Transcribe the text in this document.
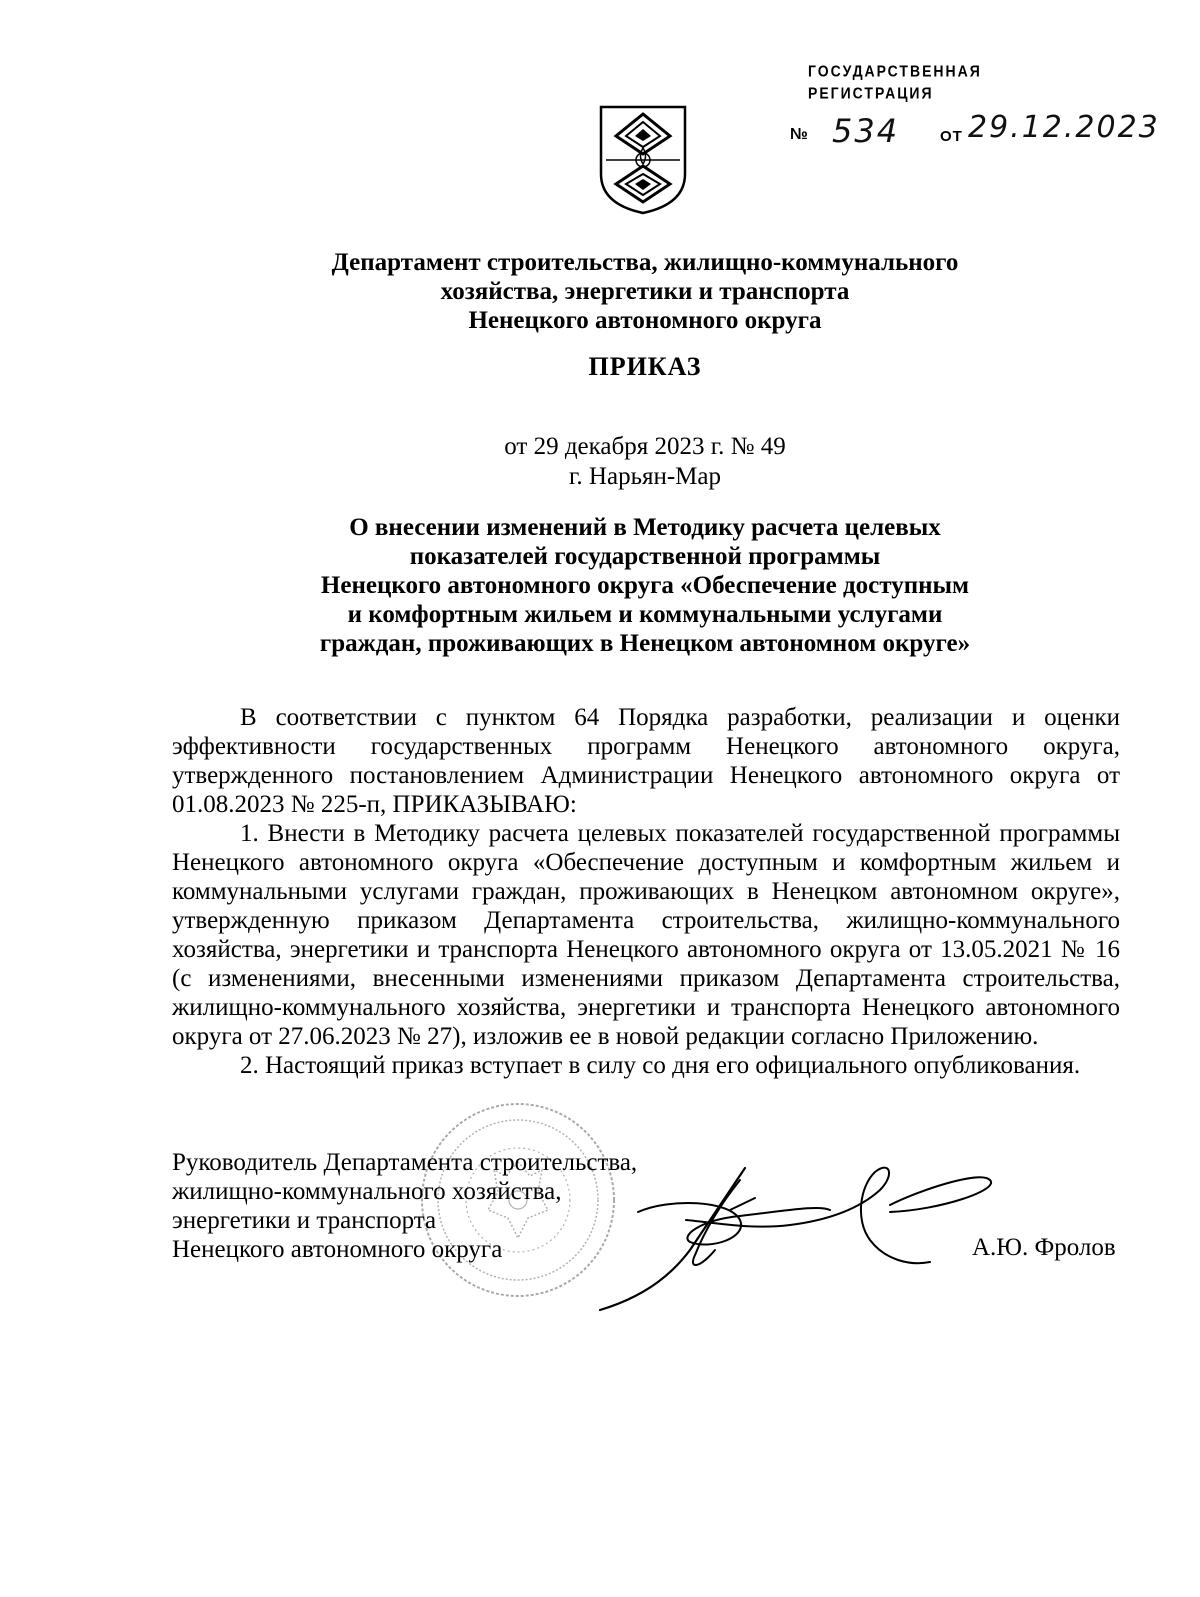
ГОСУДАРСТВЕННАЯ
РЕГИСТРАЦИЯ
№ 534	ОТ 29.12.2023
Департамент строительства, жилищно-коммунального
хозяйства, энергетики и транспорта
Ненецкого автономного округа
ПРИКАЗ
от 29 декабря 2023 г. № 49
г. Нарьян-Мар
О внесении изменений в Методику расчета целевых
показателей государственной программы
Ненецкого автономного округа «Обеспечение доступным
и комфортным жильем и коммунальными услугами
граждан, проживающих в Ненецком автономном округе»

В соответствии с пунктом 64 Порядка разработки, реализации и оценки эффективности государственных программ Ненецкого автономного округа, утвержденного постановлением Администрации Ненецкого автономного округа от 01.08.2023 № 225-п, ПРИКАЗЫВАЮ:

1. Внести в Методику расчета целевых показателей государственной программы Ненецкого автономного округа «Обеспечение доступным и комфортным жильем и коммунальными услугами граждан, проживающих в Ненецком автономном округе», утвержденную приказом Департамента строительства, жилищно-коммунального хозяйства, энергетики и транспорта Ненецкого автономного округа от 13.05.2021 № 16 (с изменениями, внесенными изменениями приказом Департамента строительства, жилищно-коммунального хозяйства, энергетики и транспорта Ненецкого автономного округа от 27.06.2023 № 27), изложив ее в новой редакции согласно Приложению.

2. Настоящий приказ вступает в силу со дня его официального опубликования.

Руководитель Департамента строительства,
жилищно-коммунального хозяйства,
энергетики и транспорта
Ненецкого автономного округа	А.Ю. Фролов
